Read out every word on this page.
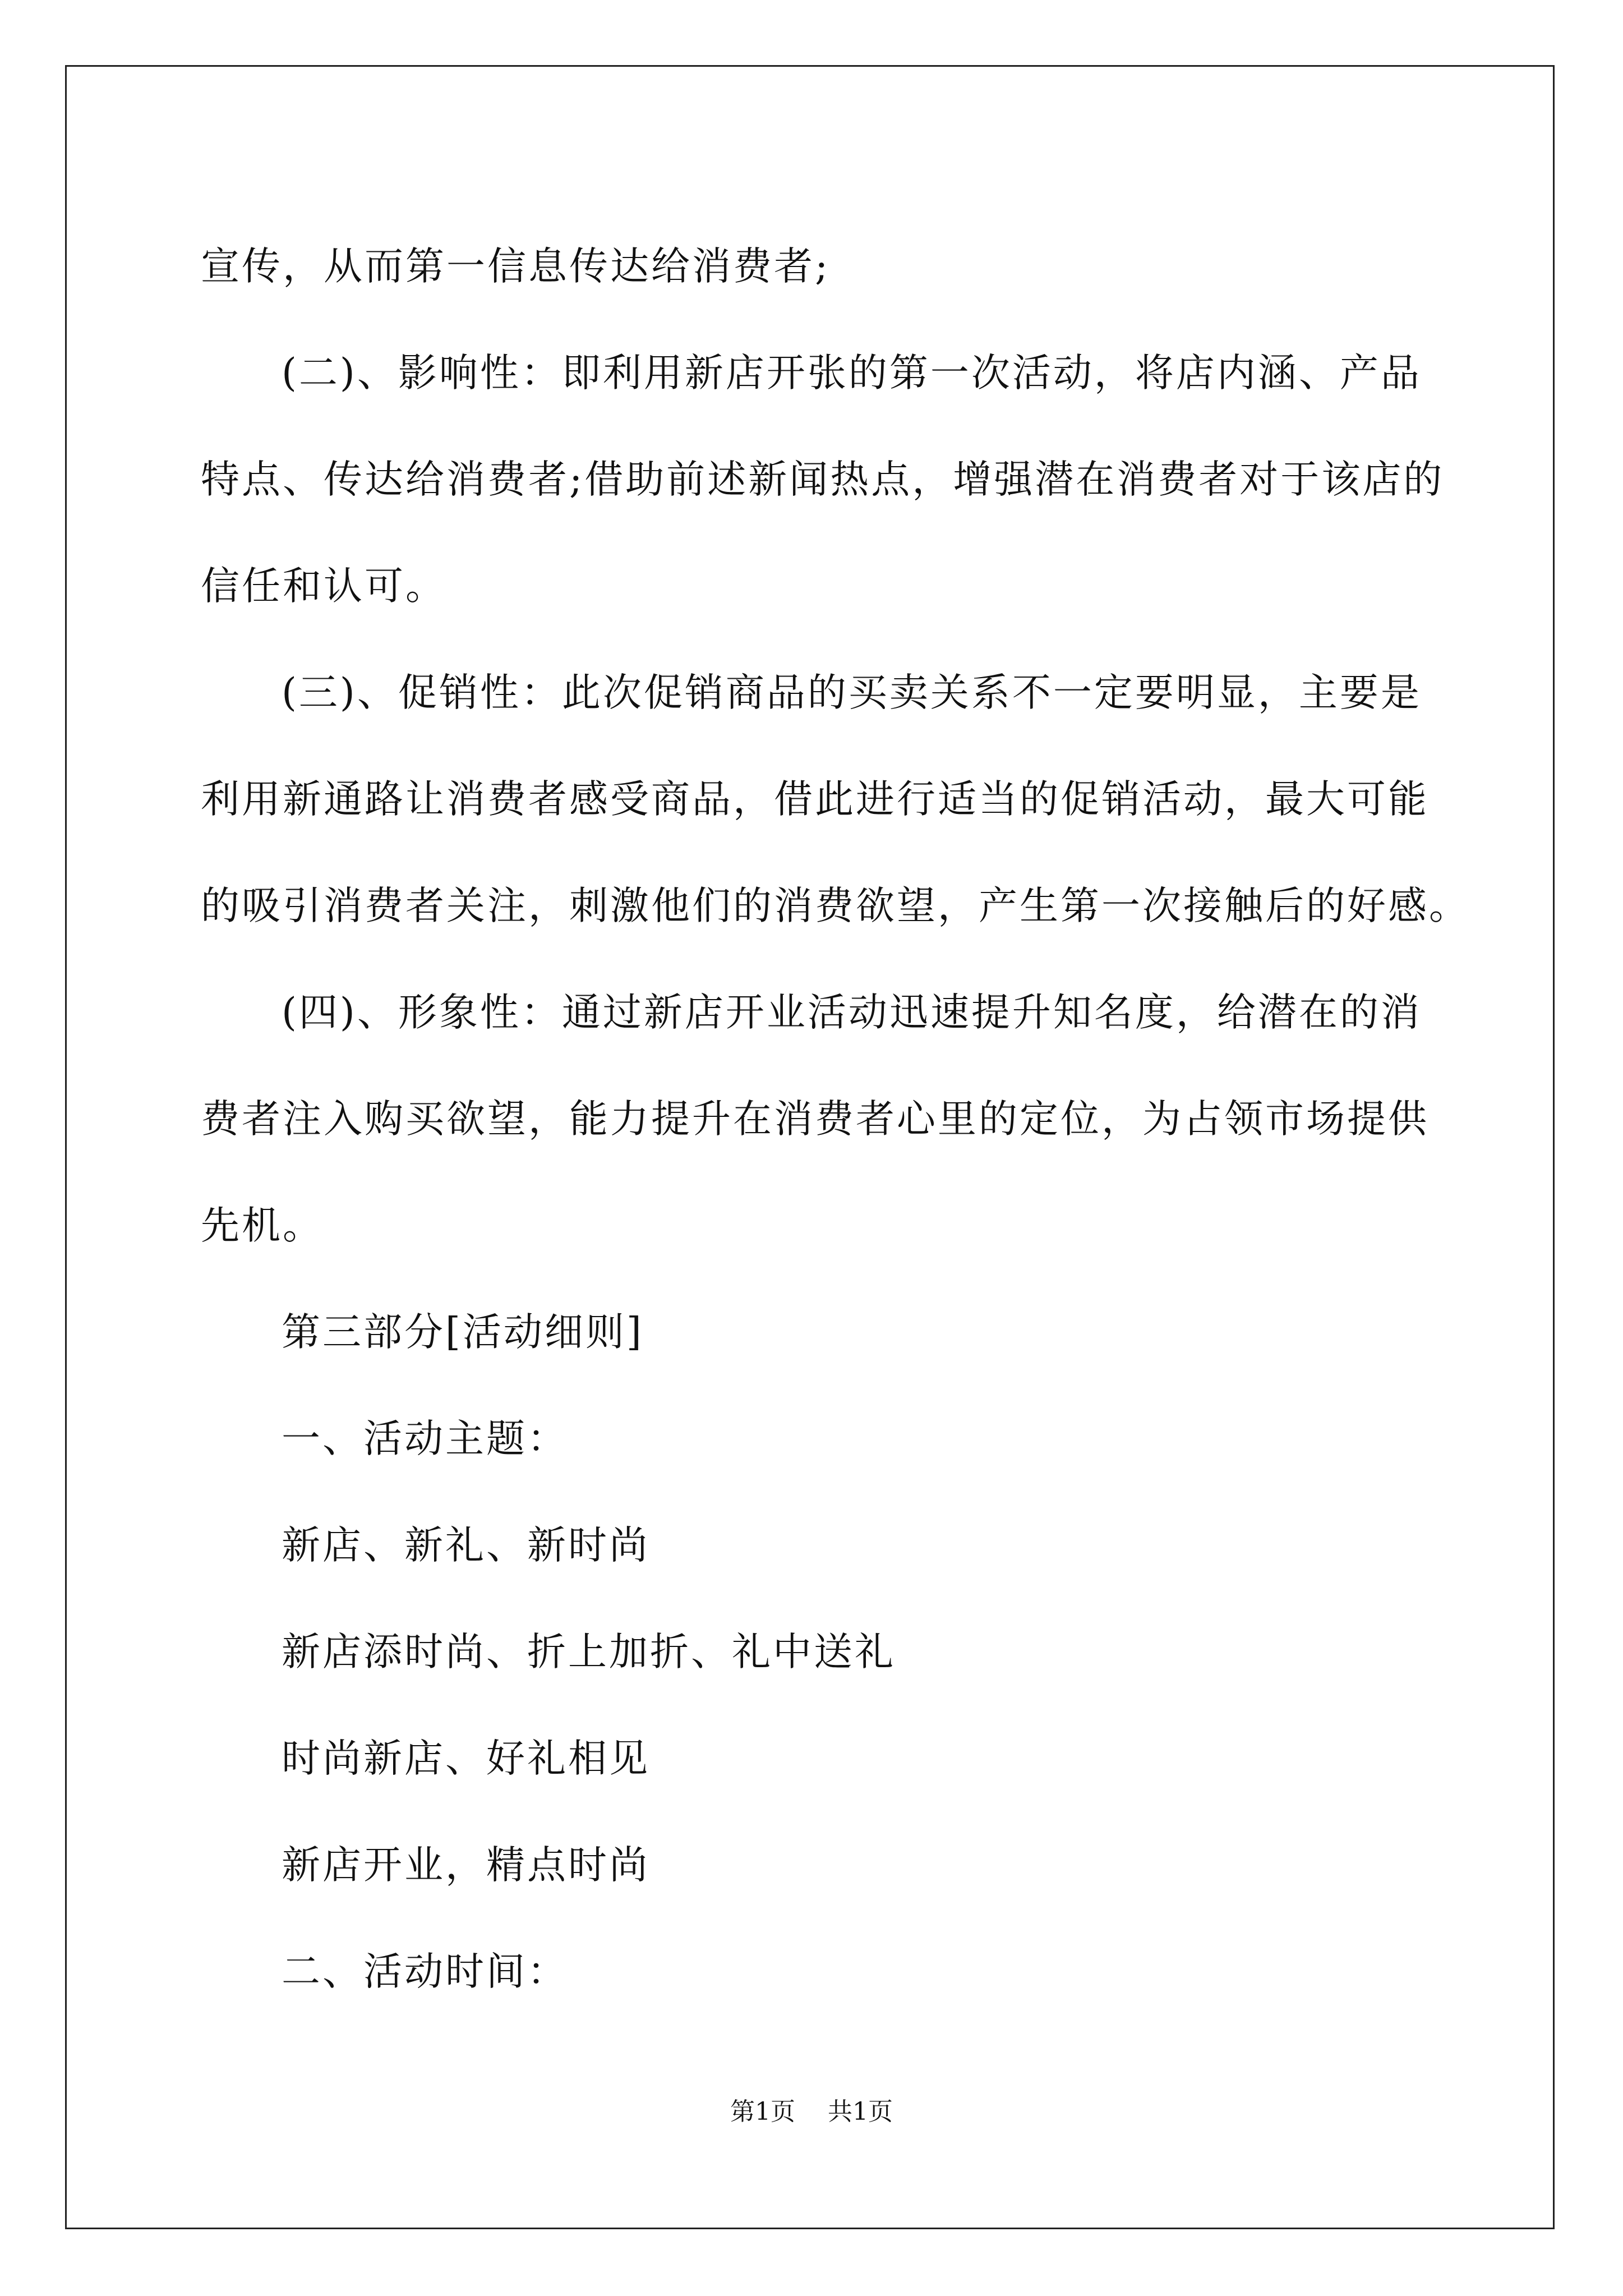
宣传，从而第一信息传达给消费者;

(二)、影响性：即利用新店开张的第一次活动，将店内涵、产品

特点、传达给消费者;借助前述新闻热点，增强潜在消费者对于该店的

信任和认可。

(三)、促销性：此次促销商品的买卖关系不一定要明显，主要是

利用新通路让消费者感受商品，借此进行适当的促销活动，最大可能

的吸引消费者关注，刺激他们的消费欲望，产生第一次接触后的好感。

(四)、形象性：通过新店开业活动迅速提升知名度，给潜在的消

费者注入购买欲望，能力提升在消费者心里的定位，为占领市场提供

先机。

第三部分[活动细则]

一、活动主题：

新店、新礼、新时尚

新店添时尚、折上加折、礼中送礼

时尚新店、好礼相见

新店开业，精点时尚

二、活动时间：

第1页 共1页
